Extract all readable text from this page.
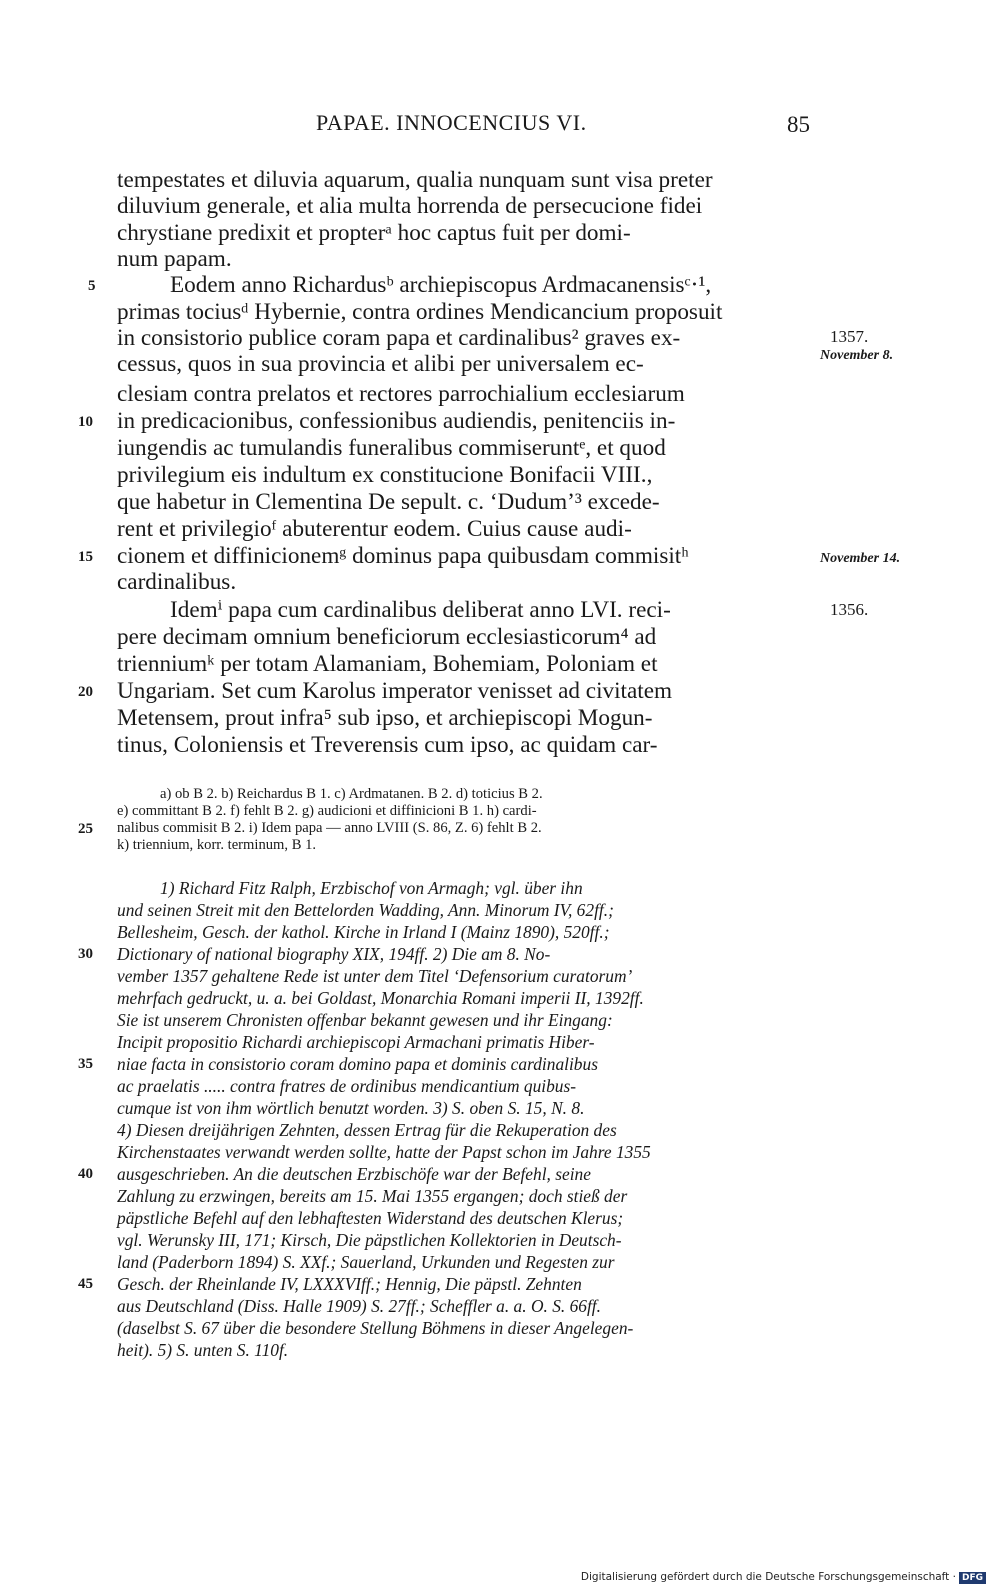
PAPAE. INNOCENCIUS VI.	85
tempestates et diluvia aquarum, qualia nunquam sunt visa preter
diluvium generale, et alia multa horrenda de persecucione fidei
chrystiane predixit et propterᵃ hoc captus fuit per domi-
num papam.
Eodem anno Richardusᵇ archiepiscopus Ardmacanensisᶜ⋅¹,
primas tociusᵈ Hybernie, contra ordines Mendicancium proposuit
in consistorio publice coram papa et cardinalibus² graves ex-
cessus, quos in sua provincia et alibi per universalem ec-
clesiam contra prelatos et rectores parrochialium ecclesiarum
in predicacionibus, confessionibus audiendis, penitenciis in-
iungendis ac tumulandis funeralibus commiseruntᵉ, et quod
privilegium eis indultum ex constitucione Bonifacii VIII.,
que habetur in Clementina De sepult. c. ‘Dudum’³ excede-
rent et privilegioᶠ abuterentur eodem. Cuius cause audi-
cionem et diffinicionemᵍ dominus papa quibusdam commisitʰ
cardinalibus.
Idemⁱ papa cum cardinalibus deliberat anno LVI. reci-
pere decimam omnium beneficiorum ecclesiasticorum⁴ ad
trienniumᵏ per totam Alamaniam, Bohemiam, Poloniam et
Ungariam. Set cum Karolus imperator venisset ad civitatem
Metensem, prout infra⁵ sub ipso, et archiepiscopi Mogun-
tinus, Coloniensis et Treverensis cum ipso, ac quidam car-
5
10
15
20
1357.
November 8.
November 14.
1356.
a) ob B 2. b) Reichardus B 1. c) Ardmatanen. B 2. d) toticius B 2.
e) committant B 2. f) fehlt B 2. g) audicioni et diffinicioni B 1. h) cardi-
nalibus commisit B 2. i) Idem papa — anno LVIII (S. 86, Z. 6) fehlt B 2.
k) triennium, korr. terminum, B 1.
25
1) Richard Fitz Ralph, Erzbischof von Armagh; vgl. über ihn
und seinen Streit mit den Bettelorden Wadding, Ann. Minorum IV, 62ff.;
Bellesheim, Gesch. der kathol. Kirche in Irland I (Mainz 1890), 520ff.;
Dictionary of national biography XIX, 194ff. 2) Die am 8. No-
vember 1357 gehaltene Rede ist unter dem Titel ‘Defensorium curatorum’
mehrfach gedruckt, u. a. bei Goldast, Monarchia Romani imperii II, 1392ff.
Sie ist unserem Chronisten offenbar bekannt gewesen und ihr Eingang:
Incipit propositio Richardi archiepiscopi Armachani primatis Hiber-
niae facta in consistorio coram domino papa et dominis cardinalibus
ac praelatis ..... contra fratres de ordinibus mendicantium quibus-
cumque ist von ihm wörtlich benutzt worden. 3) S. oben S. 15, N. 8.
4) Diesen dreijährigen Zehnten, dessen Ertrag für die Rekuperation des
Kirchenstaates verwandt werden sollte, hatte der Papst schon im Jahre 1355
ausgeschrieben. An die deutschen Erzbischöfe war der Befehl, seine
Zahlung zu erzwingen, bereits am 15. Mai 1355 ergangen; doch stieß der
päpstliche Befehl auf den lebhaftesten Widerstand des deutschen Klerus;
vgl. Werunsky III, 171; Kirsch, Die päpstlichen Kollektorien in Deutsch-
land (Paderborn 1894) S. XXf.; Sauerland, Urkunden und Regesten zur
Gesch. der Rheinlande IV, LXXXVIff.; Hennig, Die päpstl. Zehnten
aus Deutschland (Diss. Halle 1909) S. 27ff.; Scheffler a. a. O. S. 66ff.
(daselbst S. 67 über die besondere Stellung Böhmens in dieser Angelegen-
heit). 5) S. unten S. 110f.
30
35
40
45
Digitalisierung gefördert durch die Deutsche Forschungsgemeinschaft · DFG
